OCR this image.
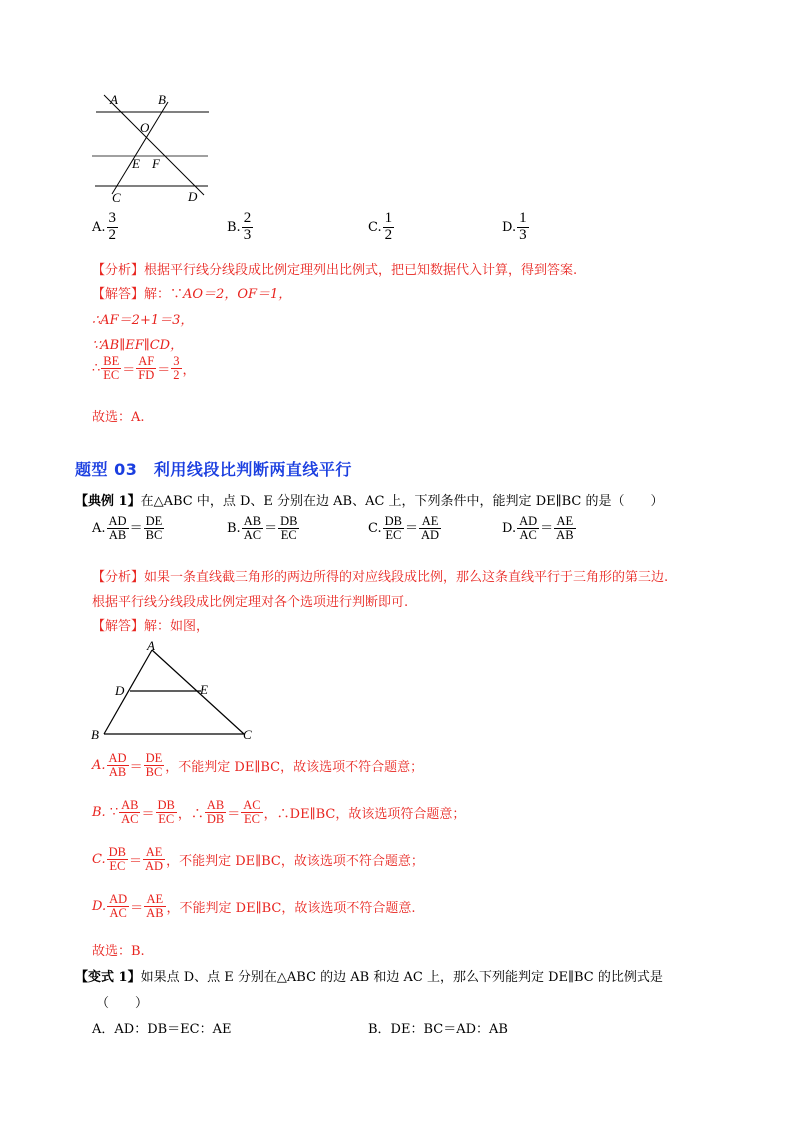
A	B
O
E F
C	D
A. $\frac{3}{2}$	B. $\frac{2}{3}$	C. $\frac{1}{2}$	D. $\frac{1}{3}$
【分析】根据平行线分线段成比例定理列出比例式，把已知数据代入计算，得到答案.
【解答】解：∵AO＝2，OF＝1，
∴AF＝2+1＝3，
∵AB∥EF∥CD，
∴ $\frac{BE}{EC} = \frac{AF}{FD} = \frac{3}{2}$ ，
故选：A.
题型 03　利用线段比判断两直线平行
【典例 1】在△ABC 中，点 D、E 分别在边 AB、AC 上，下列条件中，能判定 DE∥BC 的是（　　）
A. $\frac{AD}{AB} = \frac{DE}{BC}$	B. $\frac{AB}{AC} = \frac{DB}{EC}$	C. $\frac{DB}{EC} = \frac{AE}{AD}$	D. $\frac{AD}{AC} = \frac{AE}{AB}$
【分析】如果一条直线截三角形的两边所得的对应线段成比例，那么这条直线平行于三角形的第三边.
根据平行线分线段成比例定理对各个选项进行判断即可.
【解答】解：如图，
A
D	E
B	C
A. $\frac{AD}{AB} = \frac{DE}{BC}$ ，不能判定 DE∥BC，故该选项不符合题意；
B. ∵ $\frac{AB}{AC} = \frac{DB}{EC}$ ，∴ $\frac{AB}{DB} = \frac{AC}{EC}$ ，∴DE∥BC，故该选项符合题意；
C. $\frac{DB}{EC} = \frac{AE}{AD}$ ，不能判定 DE∥BC，故该选项不符合题意；
D. $\frac{AD}{AC} = \frac{AE}{AB}$ ，不能判定 DE∥BC，故该选项不符合题意.
故选：B.
【变式 1】如果点 D、点 E 分别在△ABC 的边 AB 和边 AC 上，那么下列能判定 DE∥BC 的比例式是
（　　）
A．AD：DB＝EC：AE	B．DE：BC＝AD：AB
